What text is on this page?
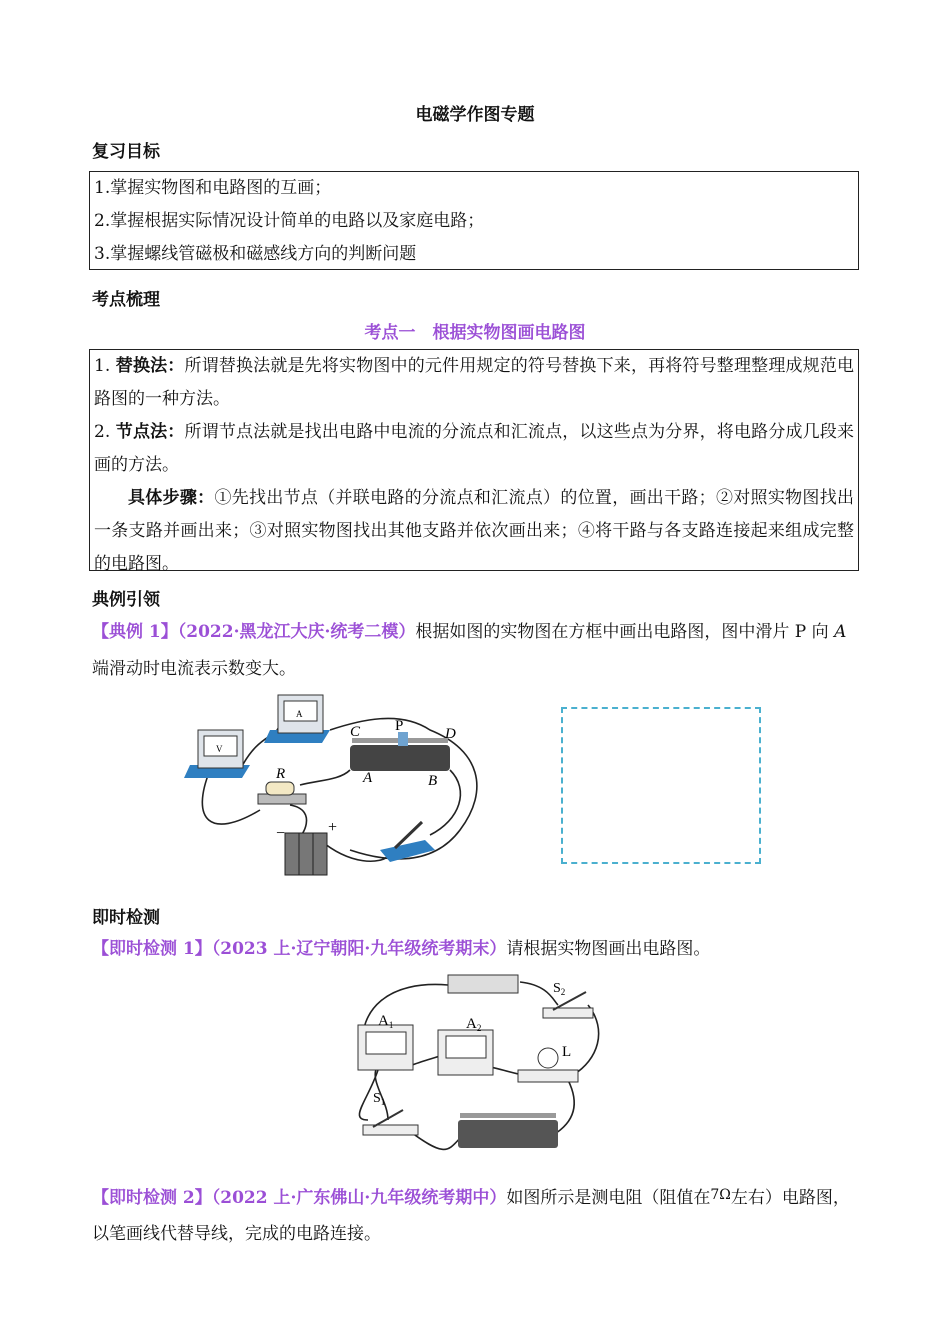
电磁学作图专题
复习目标

1.掌握实物图和电路图的互画；

2.掌握根据实际情况设计简单的电路以及家庭电路；

3.掌握螺线管磁极和磁感线方向的判断问题

考点梳理
考点一　根据实物图画电路图

1. 替换法：所谓替换法就是先将实物图中的元件用规定的符号替换下来，再将符号整理整理成规范电路图的一种方法。

2. 节点法：所谓节点法就是找出电路中电流的分流点和汇流点，以这些点为分界，将电路分成几段来画的方法。

具体步骤：①先找出节点（并联电路的分流点和汇流点）的位置，画出干路；②对照实物图找出一条支路并画出来；③对照实物图找出其他支路并依次画出来；④将干路与各支路连接起来组成完整的电路图。

典例引领
【典例 1】（2022·黑龙江大庆·统考二模）根据如图的实物图在方框中画出电路图，图中滑片 P 向 A 端滑动时电流表示数变大。
V
A
C P	D
A	B
R
−	+
即时检测
【即时检测 1】（2023 上·辽宁朝阳·九年级统考期末）请根据实物图画出电路图。
$S_2$
$A_1$	$A_2$
L
$S_1$
【即时检测 2】（2022 上·广东佛山·九年级统考期中）如图所示是测电阻（阻值在$^{7\Omega}$左右）电路图，以笔画线代替导线，完成的电路连接。
